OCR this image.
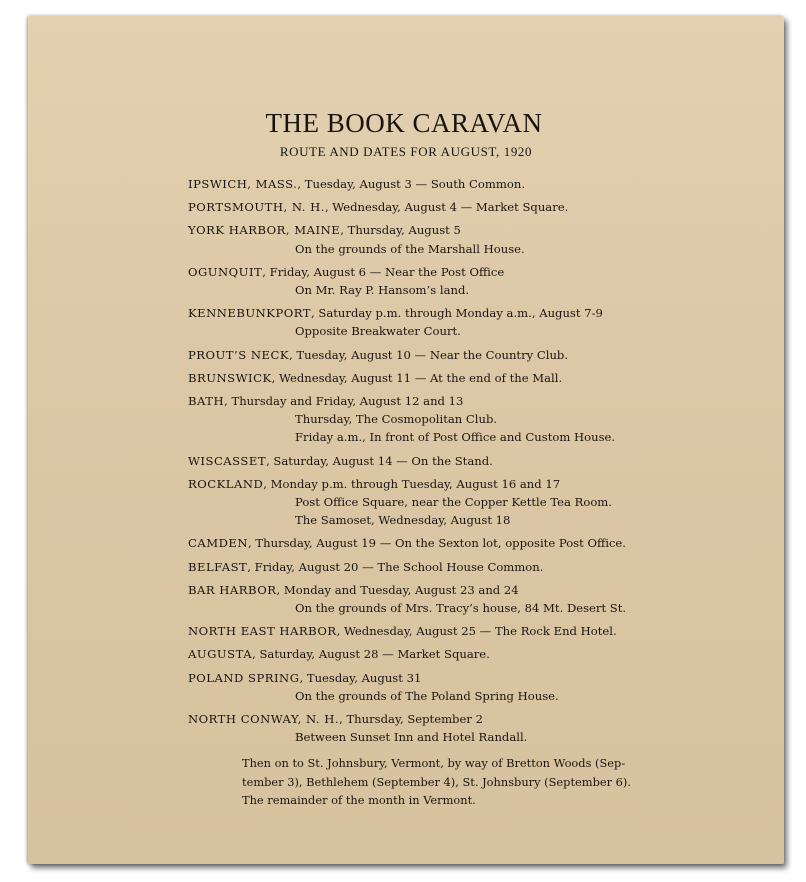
THE BOOK CARAVAN
ROUTE AND DATES FOR AUGUST, 1920
IPSWICH, MASS., Tuesday, August 3 — South Common.
PORTSMOUTH, N. H., Wednesday, August 4 — Market Square.
YORK HARBOR, MAINE, Thursday, August 5
On the grounds of the Marshall House.
OGUNQUIT, Friday, August 6 — Near the Post Office
On Mr. Ray P. Hansom’s land.
KENNEBUNKPORT, Saturday p.m. through Monday a.m., August 7-9
Opposite Breakwater Court.
PROUT’S NECK, Tuesday, August 10 — Near the Country Club.
BRUNSWICK, Wednesday, August 11 — At the end of the Mall.
BATH, Thursday and Friday, August 12 and 13
Thursday, The Cosmopolitan Club.
Friday a.m., In front of Post Office and Custom House.
WISCASSET, Saturday, August 14 — On the Stand.
ROCKLAND, Monday p.m. through Tuesday, August 16 and 17
Post Office Square, near the Copper Kettle Tea Room.
The Samoset, Wednesday, August 18
CAMDEN, Thursday, August 19 — On the Sexton lot, opposite Post Office.
BELFAST, Friday, August 20 — The School House Common.
BAR HARBOR, Monday and Tuesday, August 23 and 24
On the grounds of Mrs. Tracy’s house, 84 Mt. Desert St.
NORTH EAST HARBOR, Wednesday, August 25 — The Rock End Hotel.
AUGUSTA, Saturday, August 28 — Market Square.
POLAND SPRING, Tuesday, August 31
On the grounds of The Poland Spring House.
NORTH CONWAY, N. H., Thursday, September 2
Between Sunset Inn and Hotel Randall.
Then on to St. Johnsbury, Vermont, by way of Bretton Woods (Sep-
tember 3), Bethlehem (September 4), St. Johnsbury (September 6).
The remainder of the month in Vermont.
